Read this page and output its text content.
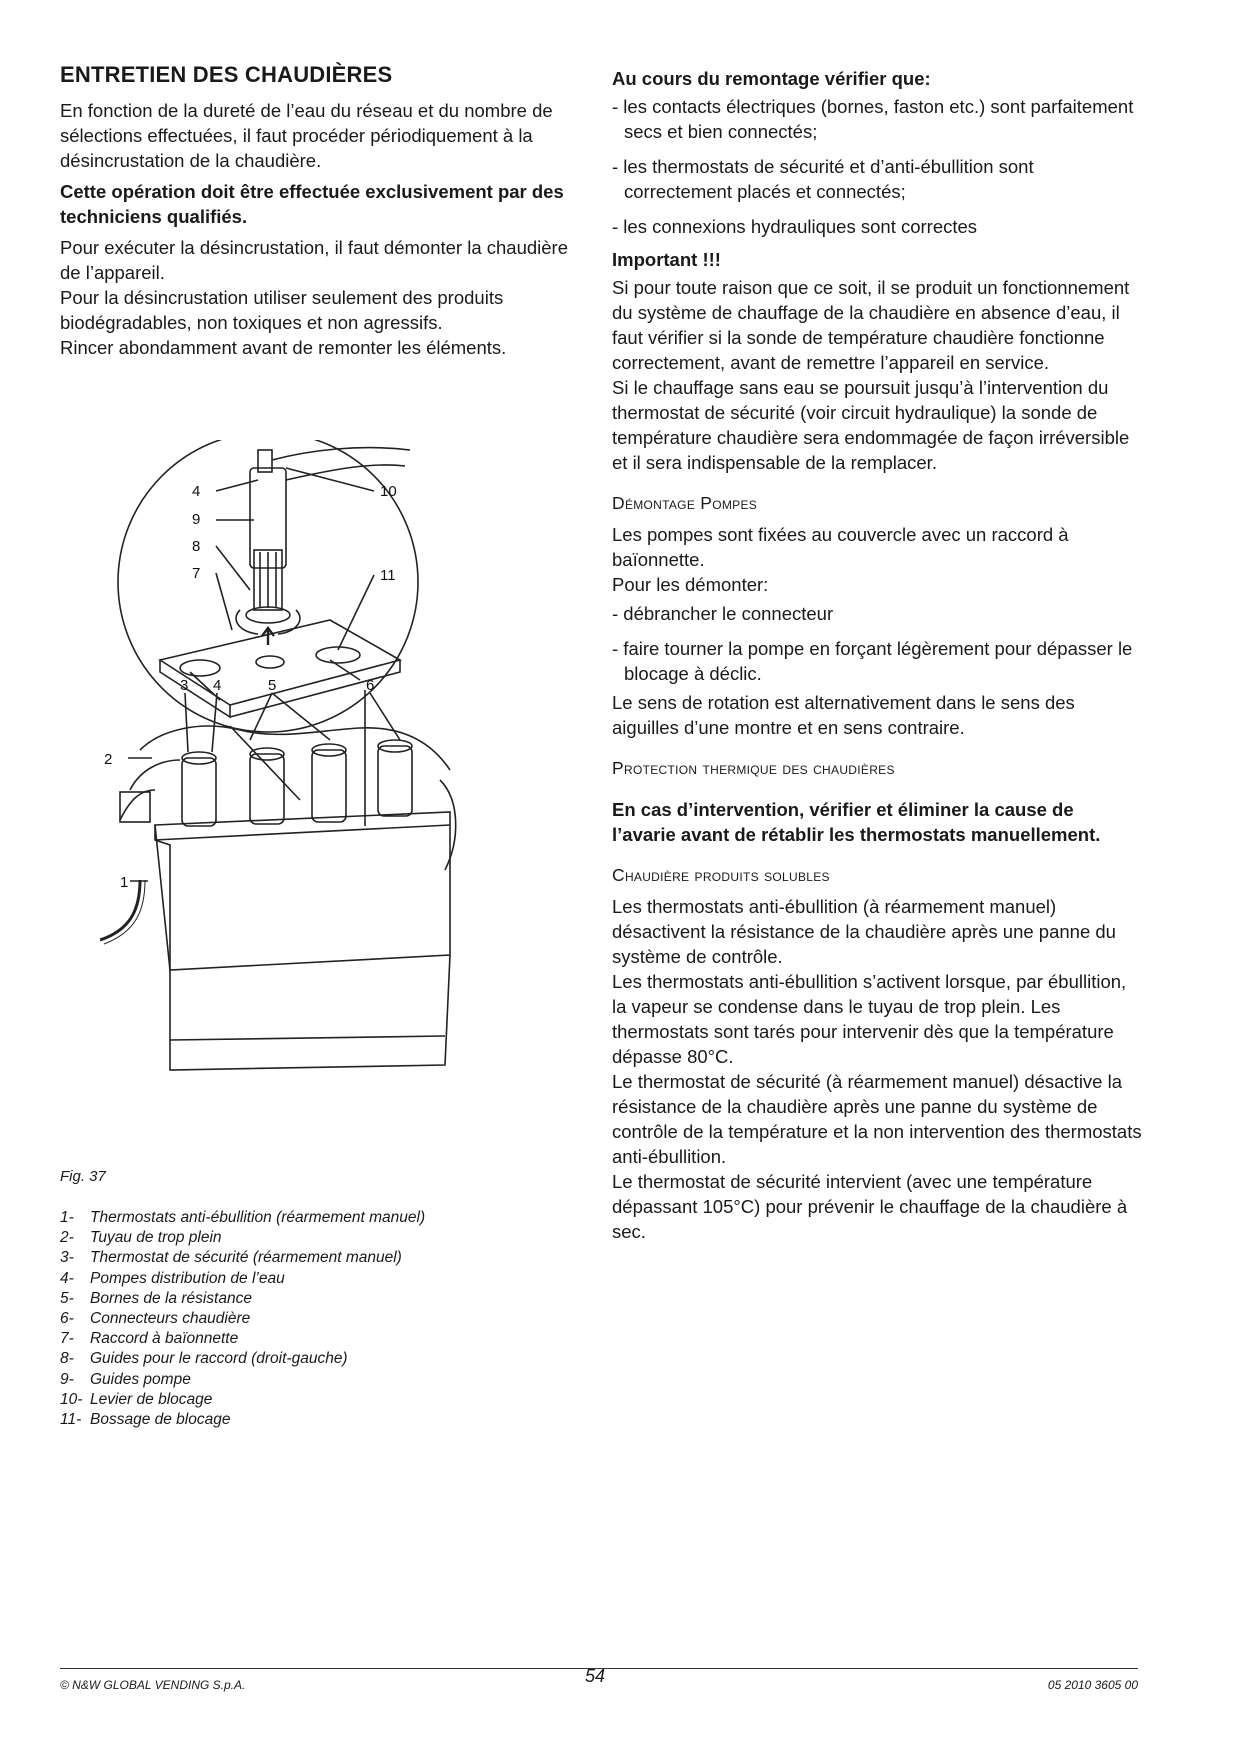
ENTRETIEN DES CHAUDIÈRES

En fonction de la dureté de l’eau du réseau et du nombre de sélections effectuées, il faut procéder périodiquement à la désincrustation de la chaudière.

Cette opération doit être effectuée exclusivement par des techniciens qualifiés.

Pour exécuter la désincrustation, il faut démonter la chaudière de l’appareil.

Pour la désincrustation utiliser seulement des produits biodégradables, non toxiques et non agressifs.

Rincer abondamment avant de remonter les éléments.

1
2
3 4	5	6
4
9
8
7
10
11
Fig. 37
1-	Thermostats anti-ébullition (réarmement manuel)
2-	Tuyau de trop plein
3-	Thermostat de sécurité (réarmement manuel)
4-	Pompes distribution de l’eau
5-	Bornes de la résistance
6-	Connecteurs chaudière
7-	Raccord à baïonnette
8-	Guides pour le raccord (droit-gauche)
9-	Guides pompe
10- Levier de blocage
11- Bossage de blocage
Au cours du remontage vérifier que:
- les contacts électriques (bornes, faston etc.) sont parfaitement secs et bien connectés;
- les thermostats de sécurité et d’anti-ébullition sont correctement placés et connectés;
- les connexions hydrauliques sont correctes
Important !!!

Si pour toute raison que ce soit, il se produit un fonctionnement du système de chauffage de la chaudière en absence d’eau, il faut vérifier si la sonde de température chaudière fonctionne correctement, avant de remettre l’appareil en service.

Si le chauffage sans eau se poursuit jusqu’à l’intervention du thermostat de sécurité (voir circuit hydraulique) la sonde de température chaudière sera endommagée de façon irréversible et il sera indispensable de la remplacer.

Démontage Pompes

Les pompes sont fixées au couvercle avec un raccord à baïonnette.

Pour les démonter:

- débrancher le connecteur
- faire tourner la pompe en forçant légèrement pour dépasser le blocage à déclic.

Le sens de rotation est alternativement dans le sens des aiguilles d’une montre et en sens contraire.

Protection thermique des chaudières

En cas d’intervention, vérifier et éliminer la cause de l’avarie avant de rétablir les thermostats manuellement.

Chaudière produits solubles

Les thermostats anti-ébullition (à réarmement manuel) désactivent la résistance de la chaudière après une panne du système de contrôle.

Les thermostats anti-ébullition s’activent lorsque, par ébullition, la vapeur se condense dans le tuyau de trop plein. Les thermostats sont tarés pour intervenir dès que la température dépasse 80°C.

Le thermostat de sécurité (à réarmement manuel) désactive la résistance de la chaudière après une panne du système de contrôle de la température et la non intervention des thermostats anti-ébullition.

Le thermostat de sécurité intervient (avec une température dépassant 105°C) pour prévenir le chauffage de la chaudière à sec.

© N&W GLOBAL VENDING S.p.A.	54	05 2010 3605 00
